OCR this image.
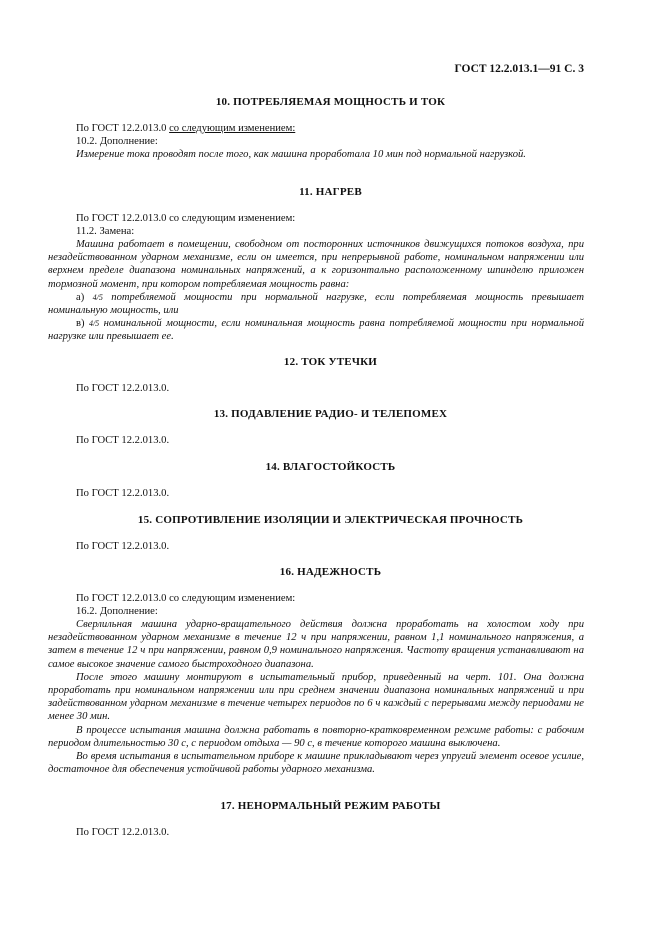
ГОСТ 12.2.013.1—91 С. 3
10. ПОТРЕБЛЯЕМАЯ МОЩНОСТЬ И ТОК
По ГОСТ 12.2.013.0 со следующим изменением:
10.2. Дополнение:
Измерение тока проводят после того, как машина проработала 10 мин под нормальной нагрузкой.
11. НАГРЕВ
По ГОСТ 12.2.013.0 со следующим изменением:
11.2. Замена:
Машина работает в помещении, свободном от посторонних источников движущихся потоков воздуха, при незадействованном ударном механизме, если он имеется, при непрерывной работе, номинальном напряжении или верхнем пределе диапазона номинальных напряжений, а к горизонтально расположенному шпинделю приложен тормозной момент, при котором потребляемая мощность равна:
а) 4/5 потребляемой мощности при нормальной нагрузке, если потребляемая мощность превышает номинальную мощность, или
в) 4/5 номинальной мощности, если номинальная мощность равна потребляемой мощности при нормальной нагрузке или превышает ее.
12. ТОК УТЕЧКИ
По ГОСТ 12.2.013.0.
13. ПОДАВЛЕНИЕ РАДИО- И ТЕЛЕПОМЕХ
По ГОСТ 12.2.013.0.
14. ВЛАГОСТОЙКОСТЬ
По ГОСТ 12.2.013.0.
15. СОПРОТИВЛЕНИЕ ИЗОЛЯЦИИ И ЭЛЕКТРИЧЕСКАЯ ПРОЧНОСТЬ
По ГОСТ 12.2.013.0.
16. НАДЕЖНОСТЬ
По ГОСТ 12.2.013.0 со следующим изменением:
16.2. Дополнение:
Сверлильная машина ударно-вращательного действия должна проработать на холостом ходу при незадействованном ударном механизме в течение 12 ч при напряжении, равном 1,1 номинального напряжения, а затем в течение 12 ч при напряжении, равном 0,9 номинального напряжения. Частоту вращения устанавливают на самое высокое значение самого быстроходного диапазона.
После этого машину монтируют в испытательный прибор, приведенный на черт. 101. Она должна проработать при номинальном напряжении или при среднем значении диапазона номинальных напряжений и при задействованном ударном механизме в течение четырех периодов по 6 ч каждый с перерывами между периодами не менее 30 мин.
В процессе испытания машина должна работать в повторно-кратковременном режиме работы: с рабочим периодом длительностью 30 с, с периодом отдыха — 90 с, в течение которого машина выключена.
Во время испытания в испытательном приборе к машине прикладывают через упругий элемент осевое усилие, достаточное для обеспечения устойчивой работы ударного механизма.
17. НЕНОРМАЛЬНЫЙ РЕЖИМ РАБОТЫ
По ГОСТ 12.2.013.0.
